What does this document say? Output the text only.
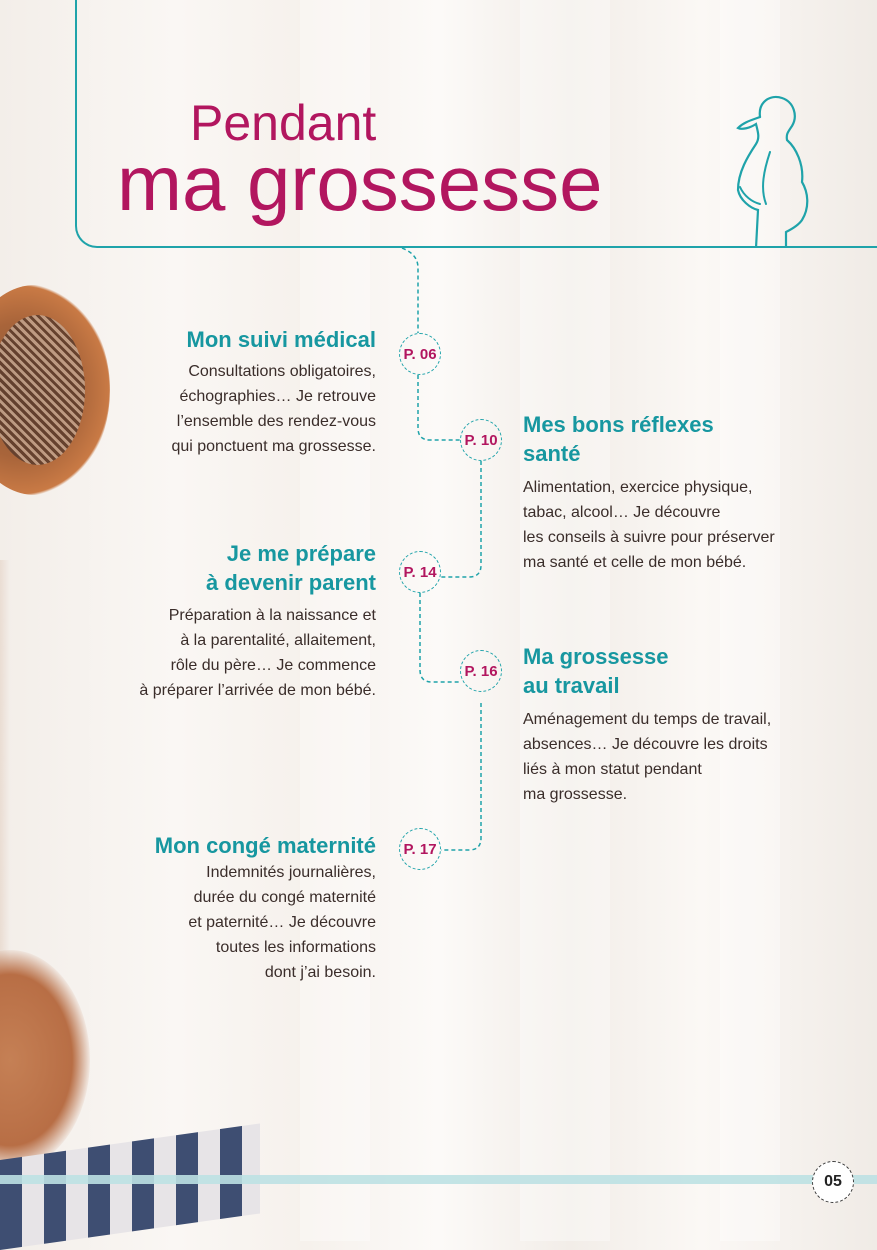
Pendant
ma grossesse
Mon suivi médical
P. 06
Consultations obligatoires,
échographies… Je retrouve
l’ensemble des rendez-vous
qui ponctuent ma grossesse.	P. 10
Mes bons réflexes
santé
Alimentation, exercice physique,
tabac, alcool… Je découvre
les conseils à suivre pour préserver
ma santé et celle de mon bébé.
Je me prépare
à devenir parent P. 14
Préparation à la naissance et
à la parentalité, allaitement,
rôle du père… Je commence
à préparer l’arrivée de mon bébé.
P. 16
Ma grossesse
au travail
Aménagement du temps de travail,
absences… Je découvre les droits
liés à mon statut pendant
ma grossesse.
Mon congé maternité P. 17
Indemnités journalières,
durée du congé maternité
et paternité… Je découvre
toutes les informations
dont j’ai besoin.
05
